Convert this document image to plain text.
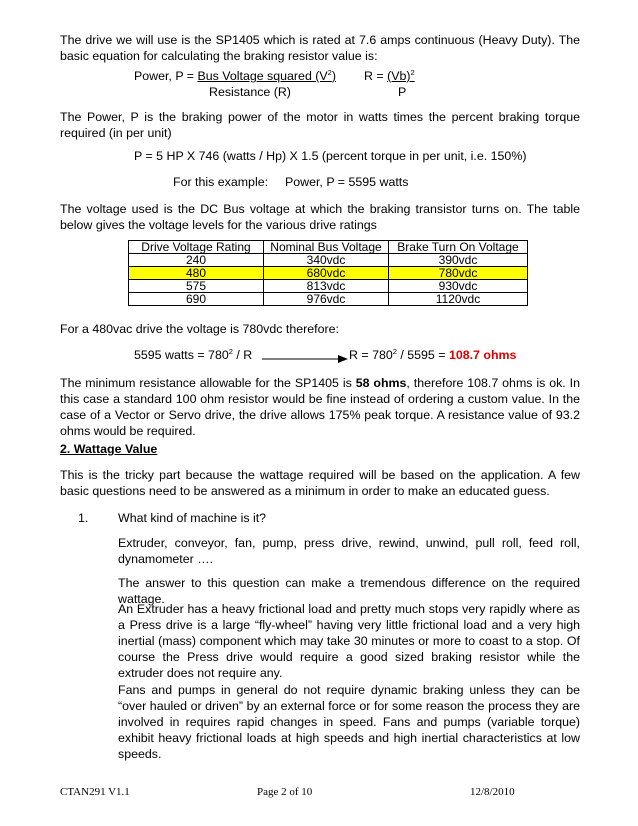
The drive we will use is the SP1405 which is rated at 7.6 amps continuous (Heavy Duty). The basic equation for calculating the braking resistor value is:

Power, P = Bus Voltage squared $(V^2)$
Resistance (R)
$R = (Vb)^2$
P

The Power, P is the braking power of the motor in watts times the percent braking torque required (in per unit)

P = 5 HP X 746 (watts / Hp) X 1.5 (percent torque in per unit, i.e. 150%)
For this example: Power, P = 5595 watts

The voltage used is the DC Bus voltage at which the braking transistor turns on. The table below gives the voltage levels for the various drive ratings

Drive Voltage Rating	Nominal Bus Voltage	Brake Turn On Voltage
240	340vdc	390vdc
480	680vdc	780vdc
575	813vdc	930vdc
690	976vdc	1120vdc

For a 480vac drive the voltage is 780vdc therefore:

5595 watts = $780^2$ / R	$R = 780^2 / 5595 = 108.7$ ohms

The minimum resistance allowable for the SP1405 is 58 ohms, therefore 108.7 ohms is ok. In this case a standard 100 ohm resistor would be fine instead of ordering a custom value. In the case of a Vector or Servo drive, the drive allows 175% peak torque. A resistance value of 93.2 ohms would be required.

2. Wattage Value

This is the tricky part because the wattage required will be based on the application. A few basic questions need to be answered as a minimum in order to make an educated guess.

1. What kind of machine is it?

Extruder, conveyor, fan, pump, press drive, rewind, unwind, pull roll, feed roll, dynamometer ….

The answer to this question can make a tremendous difference on the required wattage.

An Extruder has a heavy frictional load and pretty much stops very rapidly where as a Press drive is a large “fly-wheel” having very little frictional load and a very high inertial (mass) component which may take 30 minutes or more to coast to a stop. Of course the Press drive would require a good sized braking resistor while the extruder does not require any.

Fans and pumps in general do not require dynamic braking unless they can be “over hauled or driven” by an external force or for some reason the process they are involved in requires rapid changes in speed. Fans and pumps (variable torque) exhibit heavy frictional loads at high speeds and high inertial characteristics at low speeds.

CTAN291 V1.1	Page 2 of 10	12/8/2010
